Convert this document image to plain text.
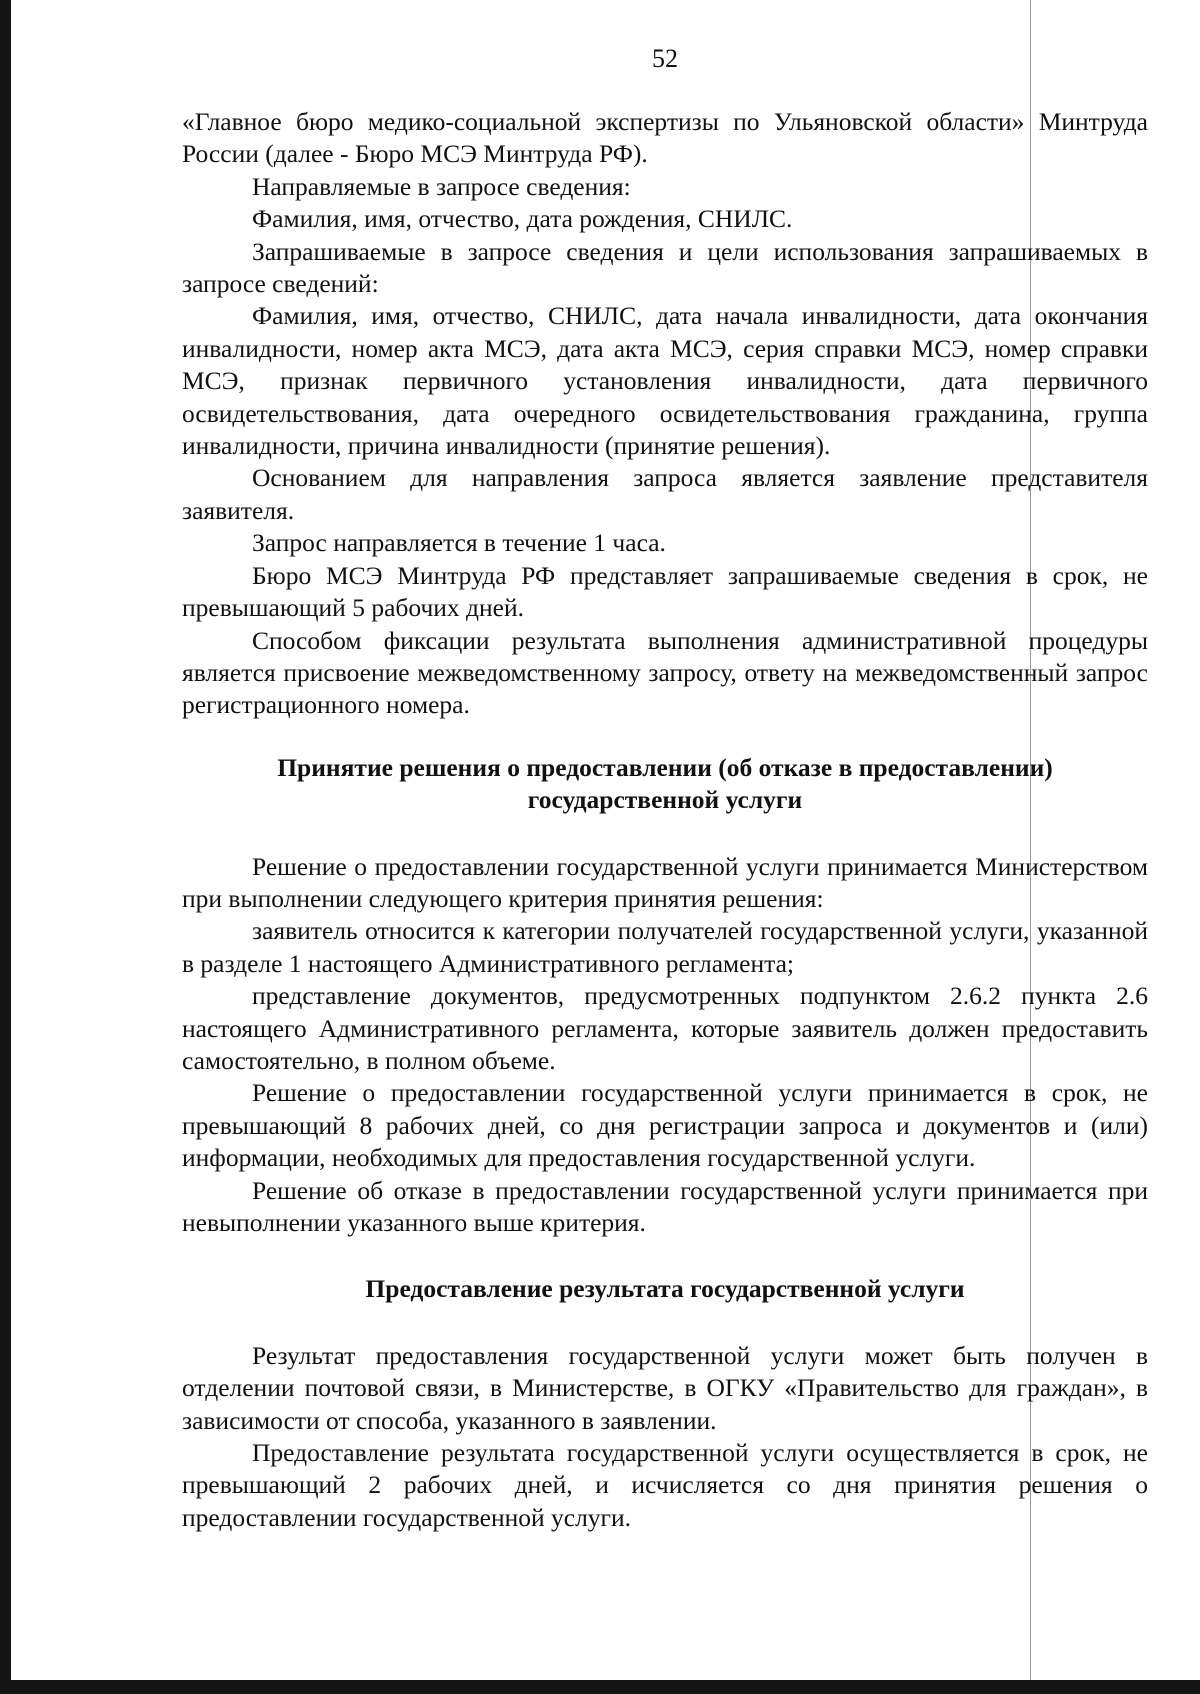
52

«Главное бюро медико-социальной экспертизы по Ульяновской области» Минтруда России (далее - Бюро МСЭ Минтруда РФ).

Направляемые в запросе сведения:

Фамилия, имя, отчество, дата рождения, СНИЛС.

Запрашиваемые в запросе сведения и цели использования запрашиваемых в запросе сведений:

Фамилия, имя, отчество, СНИЛС, дата начала инвалидности, дата окончания инвалидности, номер акта МСЭ, дата акта МСЭ, серия справки МСЭ, номер справки МСЭ, признак первичного установления инвалидности, дата первичного освидетельствования, дата очередного освидетельствования гражданина, группа инвалидности, причина инвалидности (принятие решения).

Основанием для направления запроса является заявление представителя заявителя.

Запрос направляется в течение 1 часа.

Бюро МСЭ Минтруда РФ представляет запрашиваемые сведения в срок, не превышающий 5 рабочих дней.

Способом фиксации результата выполнения административной процедуры является присвоение межведомственному запросу, ответу на межведомственный запрос регистрационного номера.

Принятие решения о предоставлении (об отказе в предоставлении)
государственной услуги

Решение о предоставлении государственной услуги принимается Министерством при выполнении следующего критерия принятия решения:

заявитель относится к категории получателей государственной услуги, указанной в разделе 1 настоящего Административного регламента;

представление документов, предусмотренных подпунктом 2.6.2 пункта 2.6 настоящего Административного регламента, которые заявитель должен предоставить самостоятельно, в полном объеме.

Решение о предоставлении государственной услуги принимается в срок, не превышающий 8 рабочих дней, со дня регистрации запроса и документов и (или) информации, необходимых для предоставления государственной услуги.

Решение об отказе в предоставлении государственной услуги принимается при невыполнении указанного выше критерия.

Предоставление результата государственной услуги

Результат предоставления государственной услуги может быть получен в отделении почтовой связи, в Министерстве, в ОГКУ «Правительство для граждан», в зависимости от способа, указанного в заявлении.

Предоставление результата государственной услуги осуществляется в срок, не превышающий 2 рабочих дней, и исчисляется со дня принятия решения о предоставлении государственной услуги.
